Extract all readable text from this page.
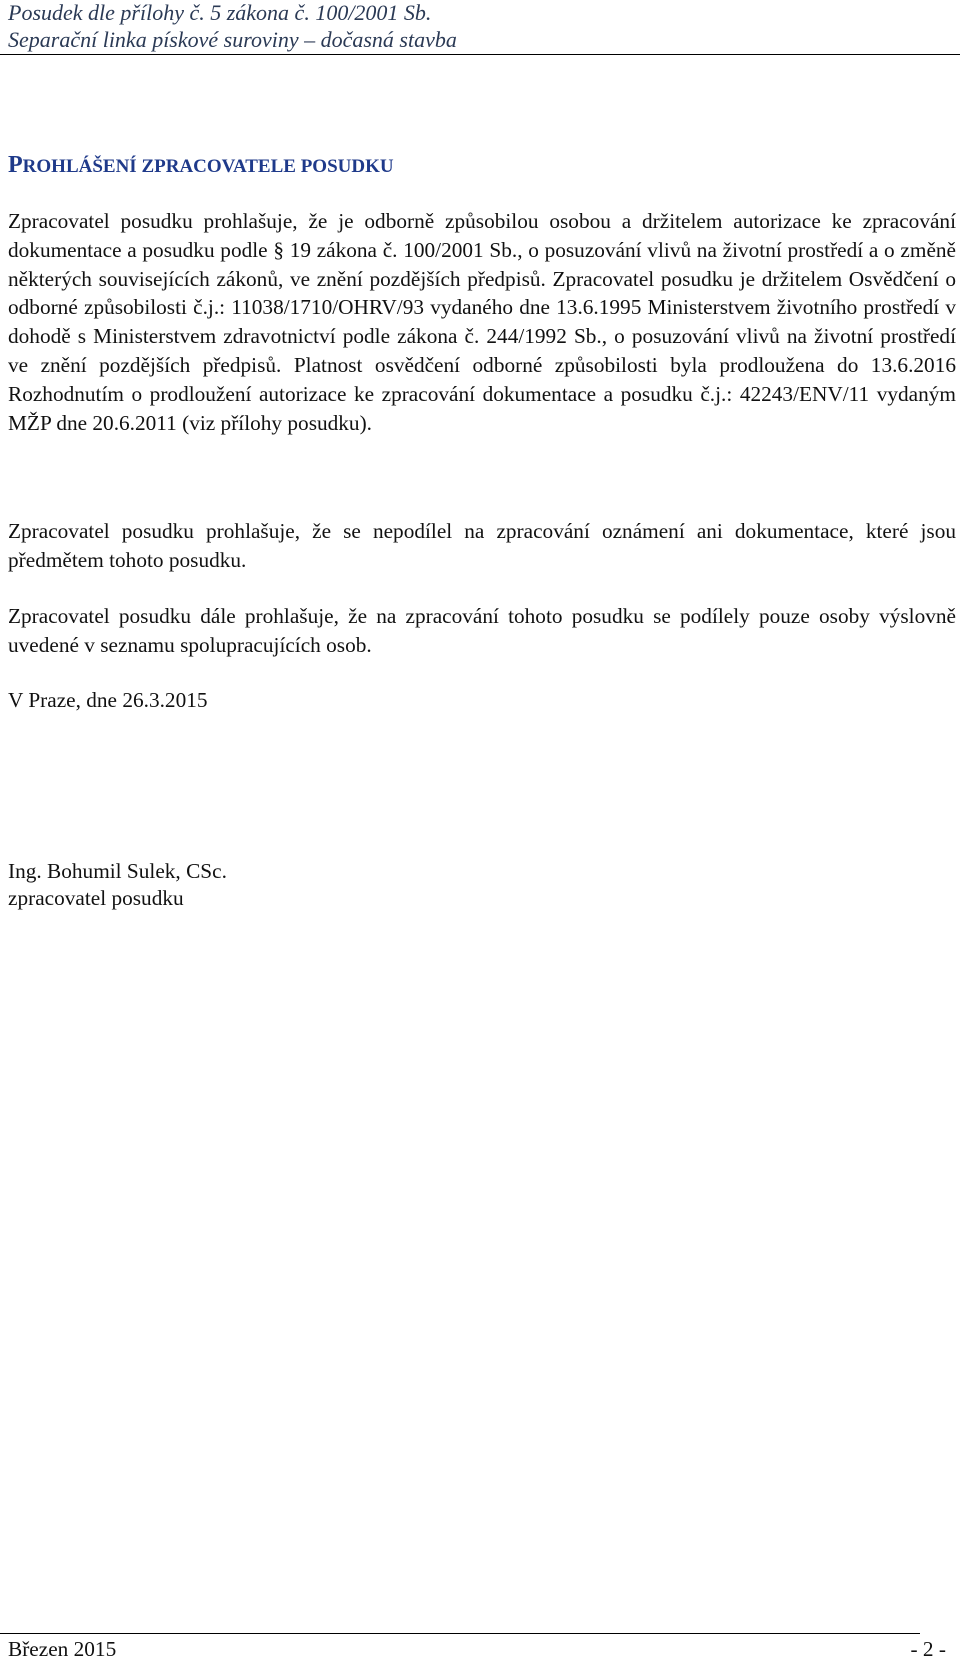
Posudek dle přílohy č. 5 zákona č. 100/2001 Sb.
Separační linka pískové suroviny – dočasná stavba
PROHLÁŠENÍ ZPRACOVATELE POSUDKU

Zpracovatel posudku prohlašuje, že je odborně způsobilou osobou a držitelem autorizace ke zpracování dokumentace a posudku podle § 19 zákona č. 100/2001 Sb., o posuzování vlivů na životní prostředí a o změně některých souvisejících zákonů, ve znění pozdějších předpisů. Zpracovatel posudku je držitelem Osvědčení o odborné způsobilosti č.j.: 11038/1710/OHRV/93 vydaného dne 13.6.1995 Ministerstvem životního prostředí v dohodě s Ministerstvem zdravotnictví podle zákona č. 244/1992 Sb., o posuzování vlivů na životní prostředí ve znění pozdějších předpisů. Platnost osvědčení odborné způsobilosti byla prodloužena do 13.6.2016 Rozhodnutím o prodloužení autorizace ke zpracování dokumentace a posudku č.j.: 42243/ENV/11 vydaným MŽP dne 20.6.2011 (viz přílohy posudku).

Zpracovatel posudku prohlašuje, že se nepodílel na zpracování oznámení ani dokumentace, které jsou předmětem tohoto posudku.

Zpracovatel posudku dále prohlašuje, že na zpracování tohoto posudku se podílely pouze osoby výslovně uvedené v seznamu spolupracujících osob.

V Praze, dne 26.3.2015

Ing. Bohumil Sulek, CSc.

zpracovatel posudku

Březen 2015	- 2 -
